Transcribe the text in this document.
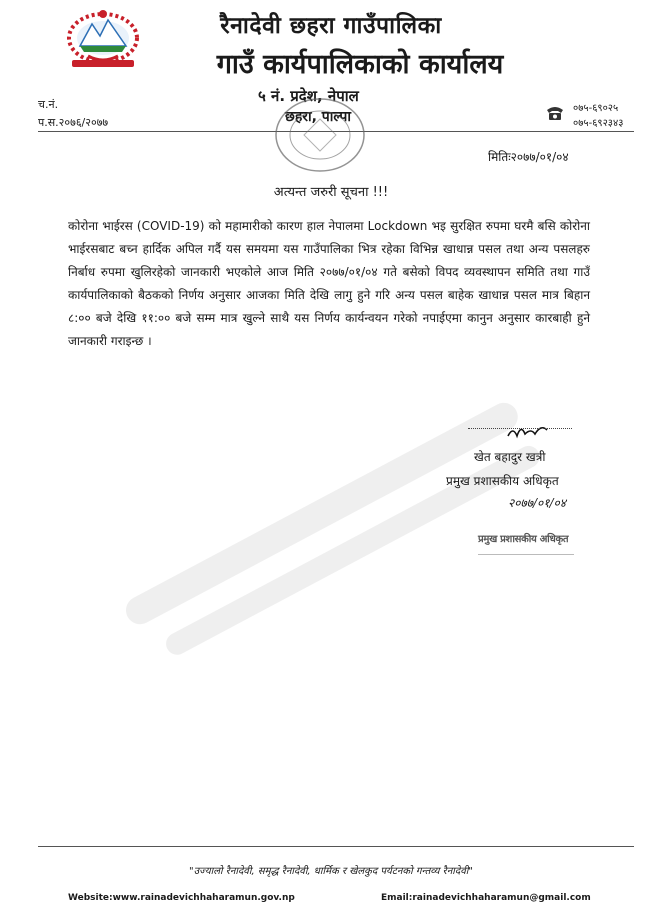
रैनादेवी छहरा गाउँपालिका
गाउँ कार्यपालिकाको कार्यालय
५ नं. प्रदेश, नेपाल
छहरा, पाल्पा
च.नं.
प.स.२०७६/२०७७
०७५-६९०२५
०७५-६९२३४३
मितिः२०७७/०१/०४
अत्यन्त जरुरी सूचना !!!
कोरोना भाईरस (COVID-19) को महामारीको कारण हाल नेपालमा Lockdown भइ सुरक्षित रुपमा घरमै बसि कोरोना भाईरसबाट बच्न हार्दिक अपिल गर्दै यस समयमा यस गाउँपालिका भित्र रहेका विभिन्न खाधान्न पसल तथा अन्य पसलहरु निर्बाध रुपमा खुलिरहेको जानकारी भएकोले आज मिति २०७७/०१/०४ गते बसेको विपद व्यवस्थापन समिति तथा गाउँ कार्यपालिकाको बैठकको निर्णय अनुसार आजका मिति देखि लागु हुने गरि अन्य पसल बाहेक खाधान्न पसल मात्र बिहान ८:०० बजे देखि ११:०० बजे सम्म मात्र खुल्ने साथै यस निर्णय कार्यन्वयन गरेको नपाईएमा कानुन अनुसार कारबाही हुने जानकारी गराइन्छ ।
खेत बहादुर खत्री
प्रमुख प्रशासकीय अधिकृत
२०७७/०१/०४
प्रमुख प्रशासकीय अधिकृत
"उज्यालो रैनादेवी, समृद्ध रैनादेवी, धार्मिक र खेलकुद पर्यटनको गन्तव्य रैनादेवी"
Website:www.rainadevichhaharamun.gov.np	Email:rainadevichhaharamun@gmail.com
